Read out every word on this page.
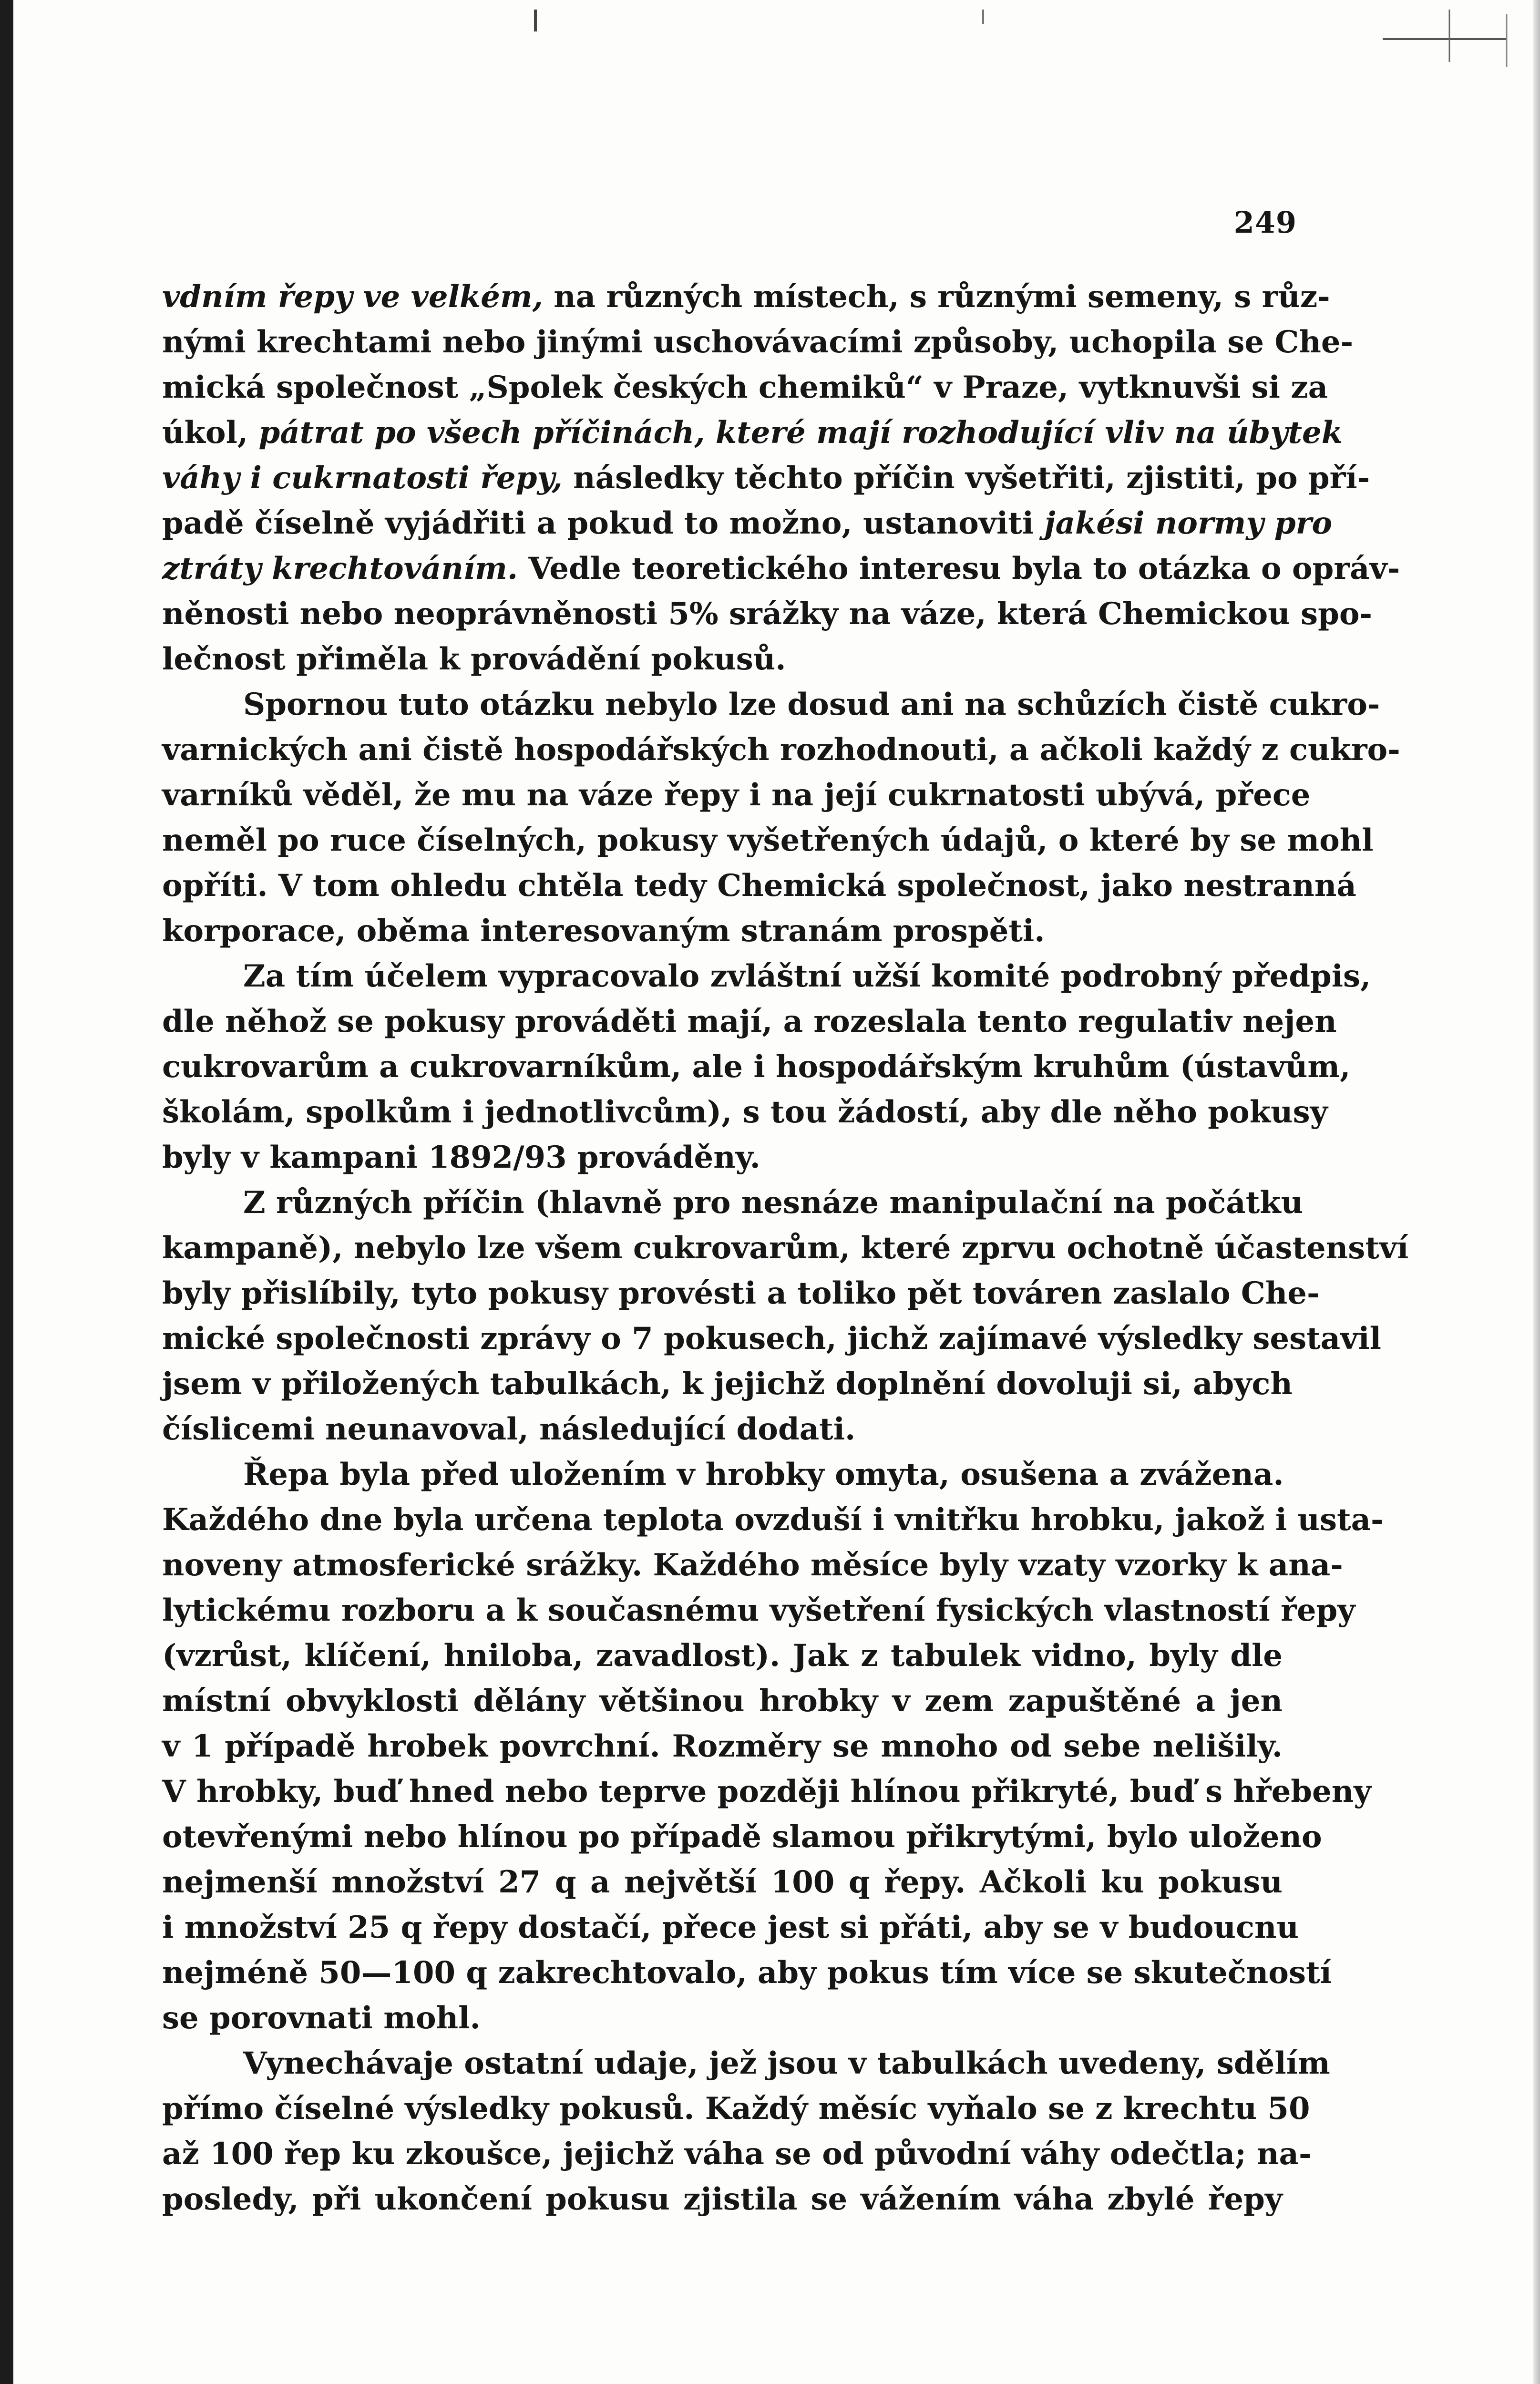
249
vdním řepy ve velkém, na různých místech, s různými semeny, s růz-
nými krechtami nebo jinými uschovávacími způsoby, uchopila se Che-
mická společnost „Spolek českých chemiků“ v Praze, vytknuvši si za
úkol, pátrat po všech příčinách, které mají rozhodující vliv na úbytek
váhy i cukrnatosti řepy, následky těchto příčin vyšetřiti, zjistiti, po pří-
padě číselně vyjádřiti a pokud to možno, ustanoviti jakési normy pro
ztráty krechtováním. Vedle teoretického interesu byla to otázka o opráv-
něnosti nebo neoprávněnosti 5% srážky na váze, která Chemickou spo-
lečnost přiměla k provádění pokusů.
Spornou tuto otázku nebylo lze dosud ani na schůzích čistě cukro-
varnických ani čistě hospodářských rozhodnouti, a ačkoli každý z cukro-
varníků věděl, že mu na váze řepy i na její cukrnatosti ubývá, přece
neměl po ruce číselných, pokusy vyšetřených údajů, o které by se mohl
opříti. V tom ohledu chtěla tedy Chemická společnost, jako nestranná
korporace, oběma interesovaným stranám prospěti.
Za tím účelem vypracovalo zvláštní užší komité podrobný předpis,
dle něhož se pokusy prováděti mají, a rozeslala tento regulativ nejen
cukrovarům a cukrovarníkům, ale i hospodářským kruhům (ústavům,
školám, spolkům i jednotlivcům), s tou žádostí, aby dle něho pokusy
byly v kampani 1892/93 prováděny.
Z různých příčin (hlavně pro nesnáze manipulační na počátku
kampaně), nebylo lze všem cukrovarům, které zprvu ochotně účastenství
byly přislíbily, tyto pokusy provésti a toliko pět továren zaslalo Che-
mické společnosti zprávy o 7 pokusech, jichž zajímavé výsledky sestavil
jsem v přiložených tabulkách, k jejichž doplnění dovoluji si, abych
číslicemi neunavoval, následující dodati.
Řepa byla před uložením v hrobky omyta, osušena a zvážena.
Každého dne byla určena teplota ovzduší i vnitřku hrobku, jakož i usta-
noveny atmosferické srážky. Každého měsíce byly vzaty vzorky k ana-
lytickému rozboru a k současnému vyšetření fysických vlastností řepy
(vzrůst, klíčení, hniloba, zavadlost). Jak z tabulek vidno, byly dle
místní obvyklosti dělány většinou hrobky v zem zapuštěné a jen
v 1 případě hrobek povrchní. Rozměry se mnoho od sebe nelišily.
V hrobky, buď hned nebo teprve později hlínou přikryté, buď s hřebeny
otevřenými nebo hlínou po případě slamou přikrytými, bylo uloženo
nejmenší množství 27 q a největší 100 q řepy. Ačkoli ku pokusu
i množství 25 q řepy dostačí, přece jest si přáti, aby se v budoucnu
nejméně 50—100 q zakrechtovalo, aby pokus tím více se skutečností
se porovnati mohl.
Vynechávaje ostatní udaje, jež jsou v tabulkách uvedeny, sdělím
přímo číselné výsledky pokusů. Každý měsíc vyňalo se z krechtu 50
až 100 řep ku zkoušce, jejichž váha se od původní váhy odečtla; na-
posledy, při ukončení pokusu zjistila se vážením váha zbylé řepy
